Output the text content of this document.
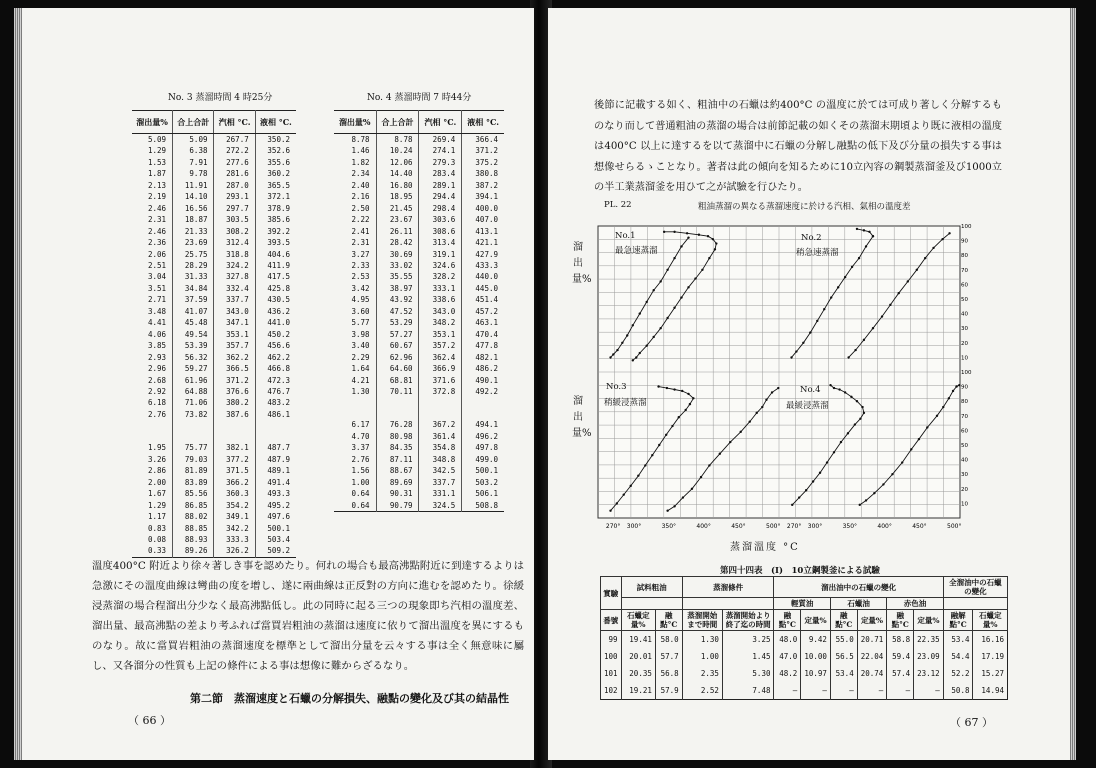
No. 3 蒸溜時間 4 時25分
溜出量%	合上合計	汽相 °C.	液相 °C.
5.09	5.09	267.7	350.2
1.29	6.38	272.2	352.6
1.53	7.91	277.6	355.6
1.87	9.78	281.6	360.2
2.13	11.91	287.0	365.5
2.19	14.10	293.1	372.1
2.46	16.56	297.7	378.9
2.31	18.87	303.5	385.6
2.46	21.33	308.2	392.2
2.36	23.69	312.4	393.5
2.06	25.75	318.8	404.6
2.51	28.29	324.2	411.9
3.04	31.33	327.8	417.5
3.51	34.84	332.4	425.8
2.71	37.59	337.7	430.5
3.48	41.07	343.0	436.2
4.41	45.48	347.1	441.0
4.06	49.54	353.1	450.2
3.85	53.39	357.7	456.6
2.93	56.32	362.2	462.2
2.96	59.27	366.5	466.8
2.68	61.96	371.2	472.3
2.92	64.88	376.6	476.7
6.18	71.06	380.2	483.2
2.76	73.82	387.6	486.1

1.95	75.77	382.1	487.7
3.26	79.03	377.2	487.9
2.86	81.89	371.5	489.1
2.00	83.89	366.2	491.4
1.67	85.56	360.3	493.3
1.29	86.85	354.2	495.2
1.17	88.02	349.1	497.6
0.83	88.85	342.2	500.1
0.08	88.93	333.3	503.4
0.33	89.26	326.2	509.2
No. 4 蒸溜時間 7 時44分
溜出量%	合上合計	汽相 °C.	液相 °C.
8.78	8.78	269.4	366.4
1.46	10.24	274.1	371.2
1.82	12.06	279.3	375.2
2.34	14.40	283.4	380.8
2.40	16.80	289.1	387.2
2.16	18.95	294.4	394.1
2.50	21.45	298.4	400.0
2.22	23.67	303.6	407.0
2.41	26.11	308.6	413.1
2.31	28.42	313.4	421.1
3.27	30.69	319.1	427.9
2.33	33.02	324.6	433.3
2.53	35.55	328.2	440.0
3.42	38.97	333.1	445.0
4.95	43.92	338.6	451.4
3.60	47.52	343.0	457.2
5.77	53.29	348.2	463.1
3.98	57.27	353.1	470.4
3.40	60.67	357.2	477.8
2.29	62.96	362.4	482.1
1.64	64.60	366.9	486.2
4.21	68.81	371.6	490.1
1.30	70.11	372.8	492.2

6.17	76.28	367.2	494.1
4.70	80.98	361.4	496.2
3.37	84.35	354.8	497.8
2.76	87.11	348.8	499.0
1.56	88.67	342.5	500.1
1.00	89.69	337.7	503.2
0.64	90.31	331.1	506.1
0.64	90.79	324.5	508.8
溫度400°C 附近より徐々著しき事を認めたり。何れの場合も最高沸點附近に到達するよりは急激にその溫度曲線は彎曲の度を增し、遂に兩曲線は正反對の方向に進むを認めたり。徐緩浸蒸溜の場合程溜出分少なく最高沸點低し。此の同時に起る三つの現象即ち汽相の溫度差、溜出量、最高沸點の差より考ふれば當買岩粗油の蒸溜は速度に依りて溜出溫度を異にするものなり。故に當買岩粗油の蒸溜速度を標準として溜出分量を云々する事は全く無意味に屬し、又各溜分の性質も上記の條件による事は想像に難からざるなり。
第二節　蒸溜速度と石蠟の分解損失、融點の變化及び其の結晶性
（ 66 ）
後節に記載する如く、粗油中の石蠟は約400°C の溫度に於ては可成り著しく分解するものなり而して普通粗油の蒸溜の場合は前節記載の如くその蒸溜末期頃より既に液相の溫度は400°C 以上に達するを以て蒸溜中に石蠟の分解し融點の低下及び分量の損失する事は想像せらるゝことなり。著者は此の傾向を知るために10立內容の鋼製蒸溜釜及び1000立の半工業蒸溜釜を用ひて之が試驗を行ひたり。
PL. 22	粗油蒸溜の異なる蒸溜速度に於ける汽相、氣相の溫度差
溜出量%
溜出量%
10
20
30
40
50
60
70
80
90
100
10
20
30
40
50
60
70
80
90
100
270° 300°	350°	400°	450°	500° 270° 300°	350°	400°	450°	500°
No.1
最急速蒸溜
No.2
稍急速蒸溜
No.3
稍緩浸蒸溜
No.4
最緩浸蒸溜
蒸溜溫度 °C
第四十四表　(I)　10立鋼製釜による試驗
實驗	試料粗油		蒸溜條件		溜出油中の石蠟の變化						全溜油中の石蠟の變化	
					輕質油		石蠟油		赤色油			
番號	石蠟定量%	融點°C	蒸溜開始まで時間	蒸溜開始より終了迄の時間	融點°C	定量%	融點°C	定量%	融點°C	定量%	融解點°C	石蠟定量%
99	19.41	58.0	1.30	3.25	48.0	9.42	55.0	20.71	58.8	22.35	53.4	16.16
100	20.01	57.7	1.00	1.45	47.0	10.00	56.5	22.04	59.4	23.09	54.4	17.19
101	20.35	56.8	2.35	5.30	48.2	10.97	53.4	20.74	57.4	23.12	52.2	15.27
102	19.21	57.9	2.52	7.48	—	—	—	—	—	—	50.8	14.94
（ 67 ）
